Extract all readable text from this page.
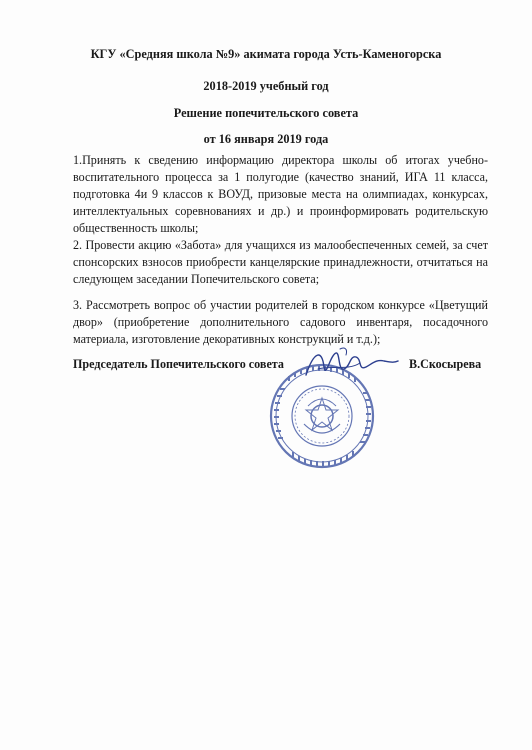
КГУ «Средняя школа №9» акимата города Усть-Каменогорска
2018-2019 учебный год
Решение попечительского совета
от 16 января 2019 года
1.Принять к сведению информацию директора школы об итогах учебно-воспитательного процесса за 1 полугодие (качество знаний, ИГА 11 класса, подготовка 4и 9 классов к ВОУД, призовые места на олимпиадах, конкурсах, интеллектуальных соревнованиях и др.) и проинформировать родительскую общественность школы;
2. Провести акцию «Забота» для учащихся из малообеспеченных семей, за счет спонсорских взносов приобрести канцелярские принадлежности, отчитаться на следующем заседании Попечительского совета;
3. Рассмотреть вопрос об участии родителей в городском конкурсе «Цветущий двор» (приобретение дополнительного садового инвентаря, посадочного материала, изготовление декоративных конструкций и т.д.);
Председатель Попечительского совета	В.Скосырева
